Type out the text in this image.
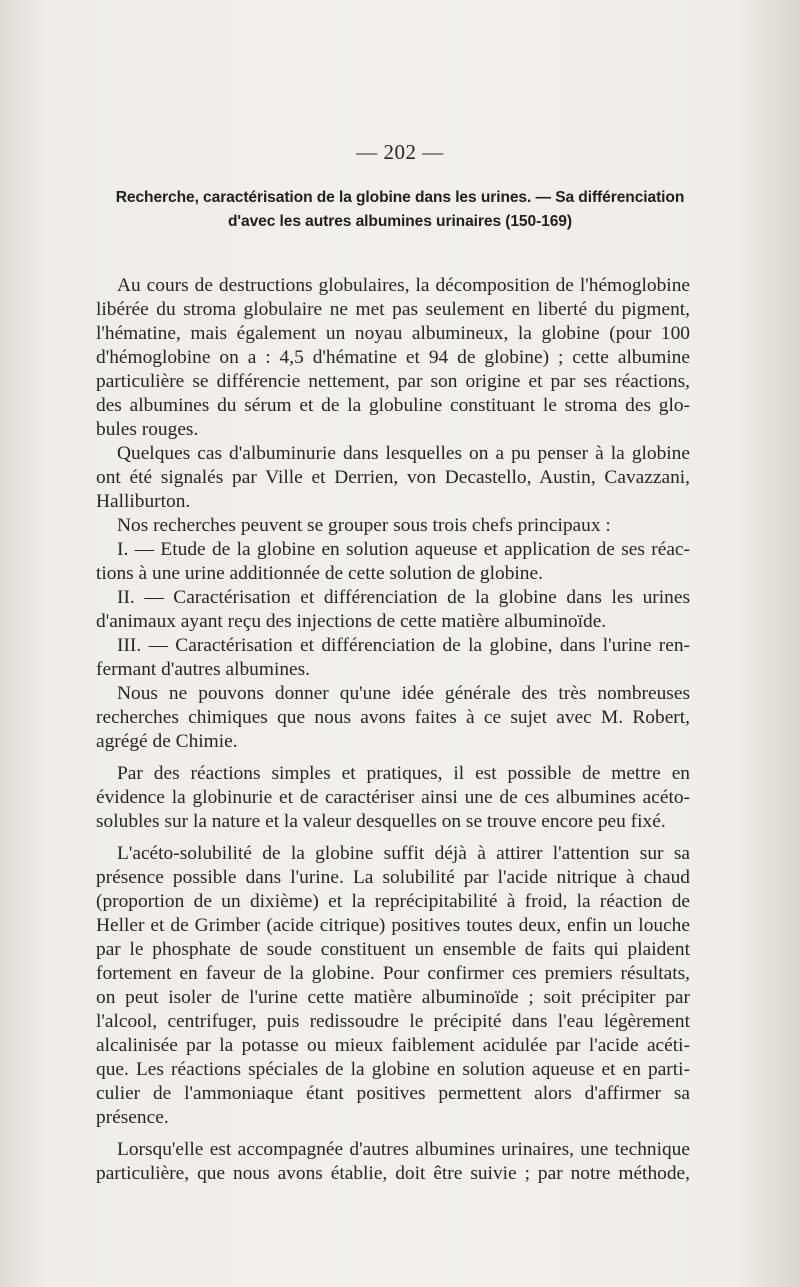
— 202 —
Recherche, caractérisation de la globine dans les urines. — Sa différenciation
d'avec les autres albumines urinaires (150-169)
Au cours de destructions globulaires, la décomposition de l'hémoglobine
libérée du stroma globulaire ne met pas seulement en liberté du pigment,
l'hématine, mais également un noyau albumineux, la globine (pour 100
d'hémoglobine on a : 4,5 d'hématine et 94 de globine) ; cette albumine
particulière se différencie nettement, par son origine et par ses réactions,
des albumines du sérum et de la globuline constituant le stroma des glo-
bules rouges.
Quelques cas d'albuminurie dans lesquelles on a pu penser à la globine
ont été signalés par Ville et Derrien, von Decastello, Austin, Cavazzani,
Halliburton.
Nos recherches peuvent se grouper sous trois chefs principaux :
I. — Etude de la globine en solution aqueuse et application de ses réac-
tions à une urine additionnée de cette solution de globine.
II. — Caractérisation et différenciation de la globine dans les urines
d'animaux ayant reçu des injections de cette matière albuminoïde.
III. — Caractérisation et différenciation de la globine, dans l'urine ren-
fermant d'autres albumines.
Nous ne pouvons donner qu'une idée générale des très nombreuses
recherches chimiques que nous avons faites à ce sujet avec M. Robert,
agrégé de Chimie.
Par des réactions simples et pratiques, il est possible de mettre en
évidence la globinurie et de caractériser ainsi une de ces albumines acéto-
solubles sur la nature et la valeur desquelles on se trouve encore peu fixé.
L'acéto-solubilité de la globine suffit déjà à attirer l'attention sur sa
présence possible dans l'urine. La solubilité par l'acide nitrique à chaud
(proportion de un dixième) et la reprécipitabilité à froid, la réaction de
Heller et de Grimber (acide citrique) positives toutes deux, enfin un louche
par le phosphate de soude constituent un ensemble de faits qui plaident
fortement en faveur de la globine. Pour confirmer ces premiers résultats,
on peut isoler de l'urine cette matière albuminoïde ; soit précipiter par
l'alcool, centrifuger, puis redissoudre le précipité dans l'eau légèrement
alcalinisée par la potasse ou mieux faiblement acidulée par l'acide acéti-
que. Les réactions spéciales de la globine en solution aqueuse et en parti-
culier de l'ammoniaque étant positives permettent alors d'affirmer sa
présence.
Lorsqu'elle est accompagnée d'autres albumines urinaires, une technique
particulière, que nous avons établie, doit être suivie ; par notre méthode,
